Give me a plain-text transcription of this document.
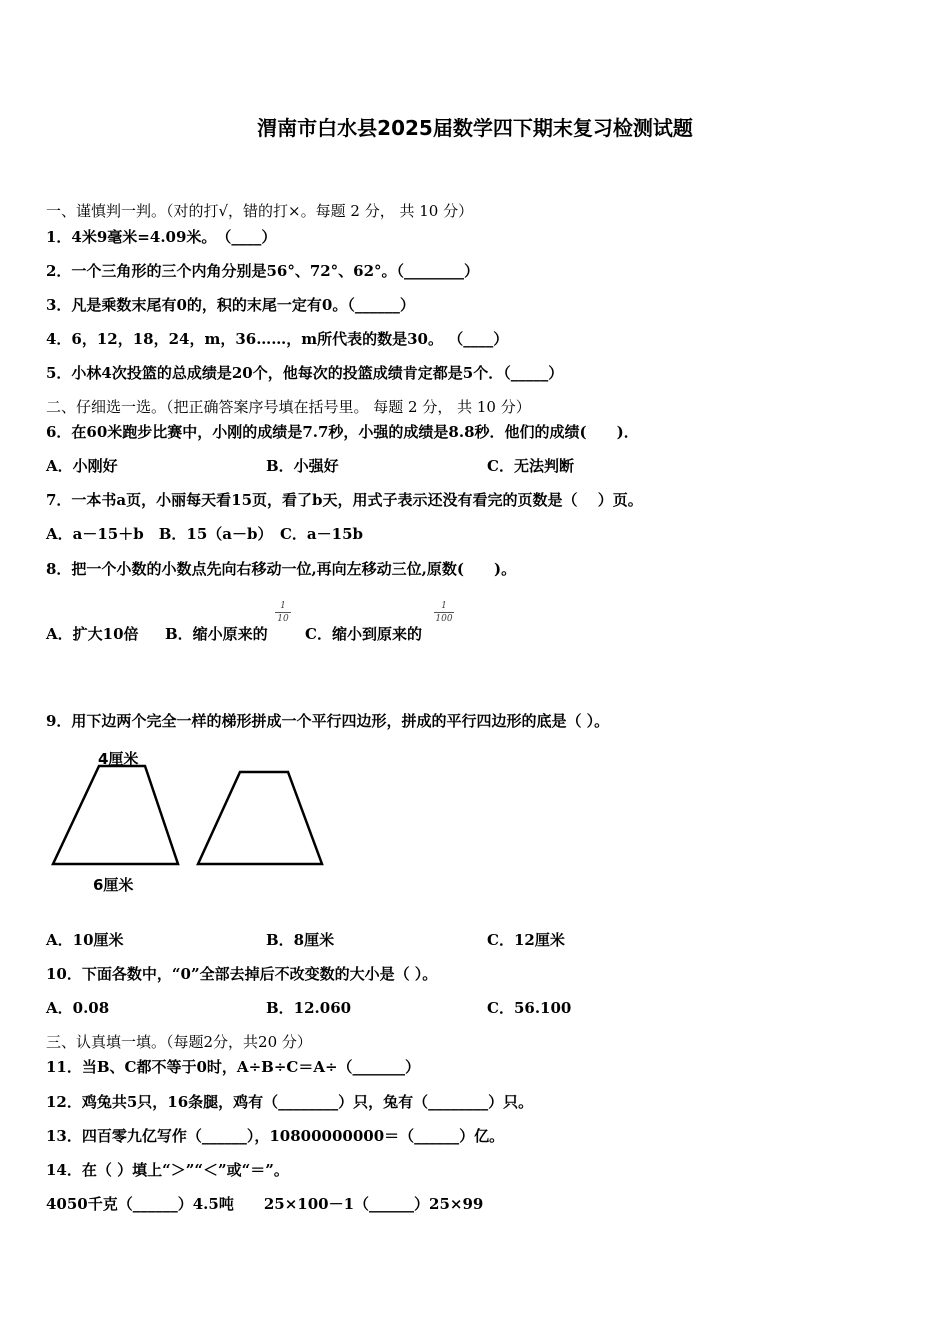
渭南市白水县2025届数学四下期末复习检测试题
一、谨慎判一判。（对的打√，错的打×。每题 2 分， 共 10 分）
1．4米9毫米=4.09米。　（____）
2．一个三角形的三个内角分别是56°、72°、62°。（________）
3．凡是乘数末尾有0的，积的末尾一定有0。（______）
4．6，12，18，24，m，36……，m所代表的数是30。 （____）
5．小林4次投篮的总成绩是20个，他每次的投篮成绩肯定都是5个．（_____）
二、仔细选一选。（把正确答案序号填在括号里。 每题 2 分， 共 10 分）
6．在60米跑步比赛中，小刚的成绩是7.7秒，小强的成绩是8.8秒．他们的成绩(　　)．
A．小刚好	B．小强好	C．无法判断
7．一本书a页，小丽每天看15页，看了b天，用式子表示还没有看完的页数是（　 ）页。
A．a－15＋b　B．15（a－b）　C．a－15b
8．把一个小数的小数点先向右移动一位,再向左移动三位,原数(　　)。
A．扩大10倍 B．缩小原来的
1
10
C．缩小到原来的
1
100
9．用下边两个完全一样的梯形拼成一个平行四边形，拼成的平行四边形的底是（ ）。
4厘米
6厘米
A．10厘米	B．8厘米	C．12厘米
10．下面各数中，“0”全部去掉后不改变数的大小是（ ）。
A．0.08	B．12.060	C．56.100
三、认真填一填。（每题2分，共20 分）
11．当B、C都不等于0时，A÷B÷C＝A÷（_______）
12．鸡兔共5只，16条腿，鸡有（________）只，兔有（________）只。
13．四百零九亿写作（______），10800000000＝（______）亿。
14．在（ ）填上“＞”“＜”或“＝”。
4050千克（______）4.5吨　　25×100－1（______）25×99
